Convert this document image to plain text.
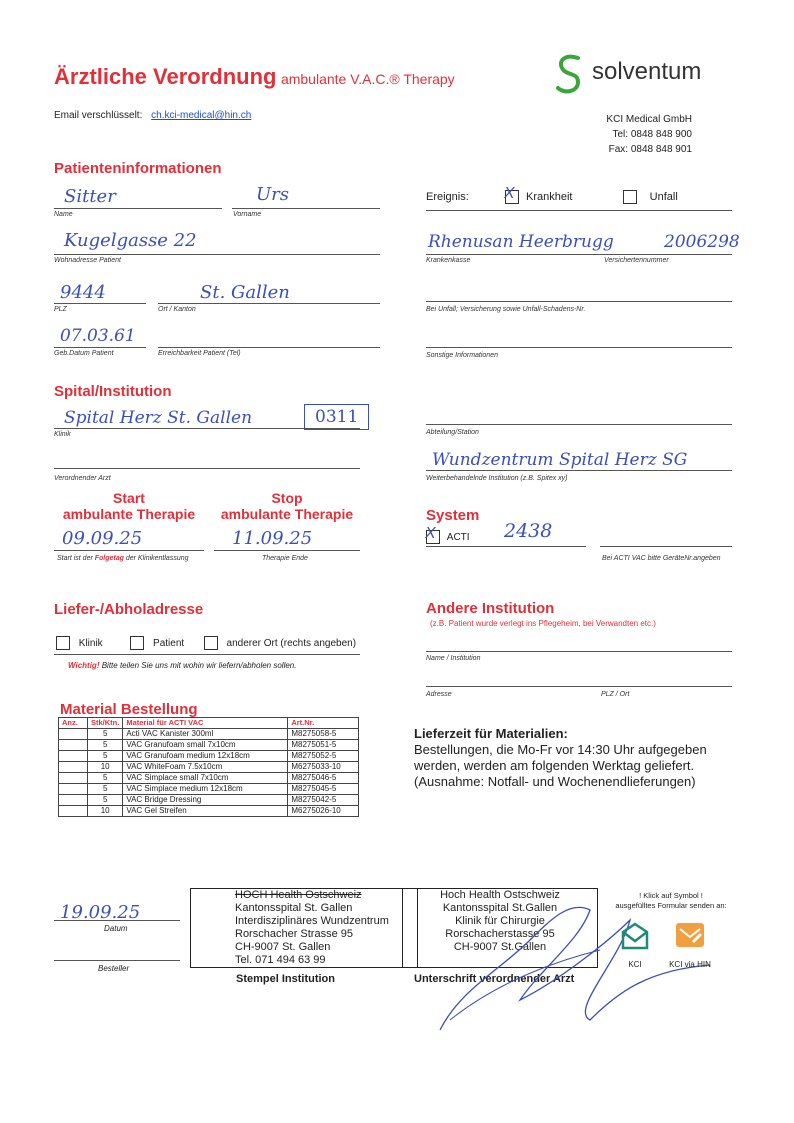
Ärztliche Verordnung ambulante V.A.C.® Therapy	solventum
Email verschlüsselt: ch.kci-medical@hin.ch	KCI Medical GmbH
Tel: 0848 848 900
Fax: 0848 848 901
Patienteninformationen
Sitter
Name
Urs
Vorname
Kugelgasse 22
Wohnadresse Patient
9444
PLZ
St. Gallen
Ort / Kanton
07.03.61
Geb.Datum Patient	Erreichbarkeit Patient (Tel)
Ereignis: X Krankheit	Unfall
Rhenusan Heerbrugg	2006298
Krankenkasse	Versichertennummer
Bei Unfall; Versicherung sowie Unfall-Schadens-Nr.
Sonstige Informationen
Spital/Institution
Spital Herz St. Gallen	0311
Klinik
Verordnender Arzt
Abteilung/Station
Wundzentrum Spital Herz SG
Weiterbehandelnde Institution (z.B. Spitex xy)
Start
ambulante Therapie
Stop
ambulante Therapie
09.09.25	11.09.25
Start ist der Folgetag der Klinikentlassung	Therapie Ende
System
X ACTI 2438
Bei ACTI VAC bitte GeräteNr.angeben
Liefer-/Abholadresse
Klinik	Patient	anderer Ort (rechts angeben)
Wichtig! Bitte teilen Sie uns mit wohin wir liefern/abholen sollen.
Andere Institution
(z.B. Patient wurde verlegt ins Pflegeheim, bei Verwandten etc.)
Name / Institution
Adresse	PLZ / Ort
Material Bestellung
Anz.	Stk/Ktn.	Material für ACTI VAC	Art.Nr.
	5	Acti VAC Kanister 300ml	M8275058-5
	5	VAC Granufoam small 7x10cm	M8275051-5
	5	VAC Granufoam medium 12x18cm	M8275052-5
	10	VAC WhiteFoam 7.5x10cm	M6275033-10
	5	VAC Simplace small 7x10cm	M8275046-5
	5	VAC Simplace medium 12x18cm	M8275045-5
	5	VAC Bridge Dressing	M8275042-5
	10	VAC Gel Streifen	M6275026-10
Lieferzeit für Materialien:
Bestellungen, die Mo-Fr vor 14:30 Uhr aufgegeben
werden, werden am folgenden Werktag geliefert.
(Ausnahme: Notfall- und Wochenendlieferungen)
19.09.25
Datum
Besteller
HOCH Health Ostschweiz
Kantonsspital St. Gallen
Interdisziplinäres Wundzentrum
Rorschacher Strasse 95
CH-9007 St. Gallen
Tel. 071 494 63 99
Stempel Institution
Hoch Health Ostschweiz
Kantonsspital St.Gallen
Klinik für Chirurgie
Rorschacherstasse 95
CH-9007 St.Gallen
Unterschrift verordnender Arzt
! Klick auf Symbol !
ausgefülltes Formular senden an:
KCI	KCI via HIN
